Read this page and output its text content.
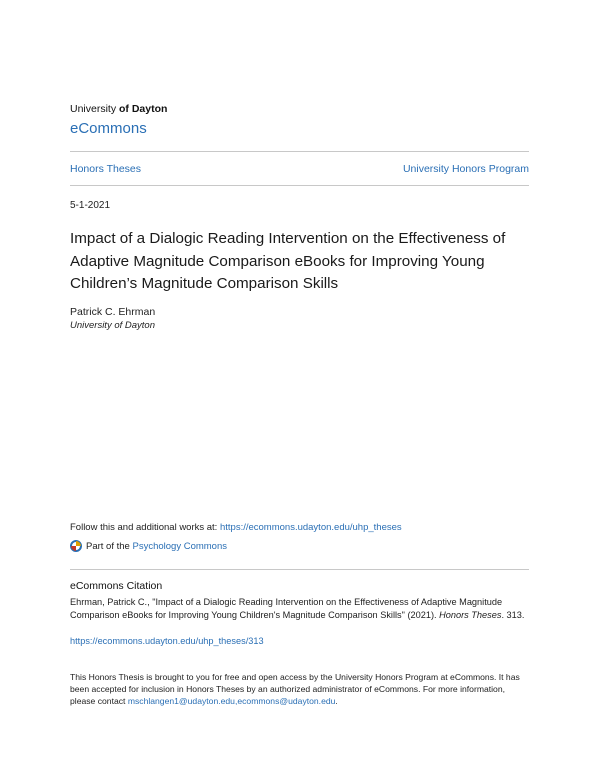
University of Dayton
eCommons
Honors Theses	University Honors Program
5-1-2021
Impact of a Dialogic Reading Intervention on the Effectiveness of Adaptive Magnitude Comparison eBooks for Improving Young Children’s Magnitude Comparison Skills
Patrick C. Ehrman
University of Dayton
Follow this and additional works at: https://ecommons.udayton.edu/uhp_theses
Part of the Psychology Commons
eCommons Citation
Ehrman, Patrick C., "Impact of a Dialogic Reading Intervention on the Effectiveness of Adaptive Magnitude Comparison eBooks for Improving Young Children's Magnitude Comparison Skills" (2021). Honors Theses. 313.
https://ecommons.udayton.edu/uhp_theses/313
This Honors Thesis is brought to you for free and open access by the University Honors Program at eCommons. It has been accepted for inclusion in Honors Theses by an authorized administrator of eCommons. For more information, please contact mschlangen1@udayton.edu,ecommons@udayton.edu.
